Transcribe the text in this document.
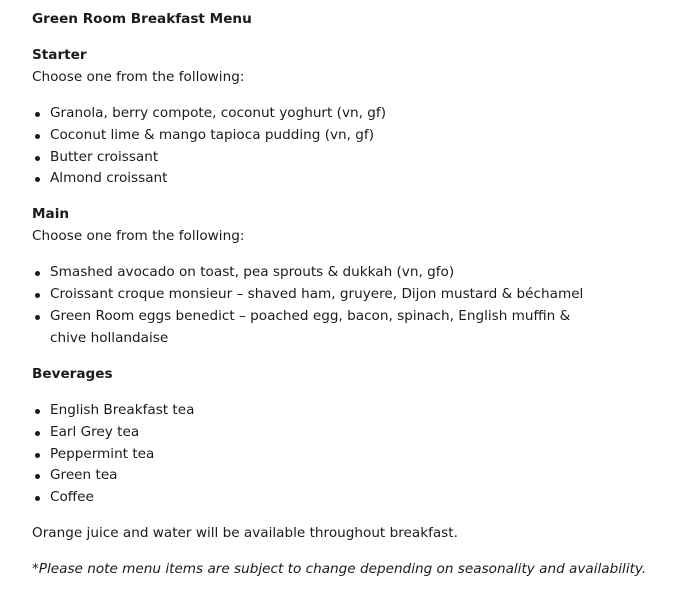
Green Room Breakfast Menu

Starter

Choose one from the following:

Granola, berry compote, coconut yoghurt (vn, gf)
Coconut lime & mango tapioca pudding (vn, gf)
Butter croissant
Almond croissant

Main

Choose one from the following:

Smashed avocado on toast, pea sprouts & dukkah (vn, gfo)
Croissant croque monsieur – shaved ham, gruyere, Dijon mustard & béchamel
Green Room eggs benedict – poached egg, bacon, spinach, English muffin & chive hollandaise

Beverages

English Breakfast tea
Earl Grey tea
Peppermint tea
Green tea
Coffee

Orange juice and water will be available throughout breakfast.

*Please note menu items are subject to change depending on seasonality and availability.
